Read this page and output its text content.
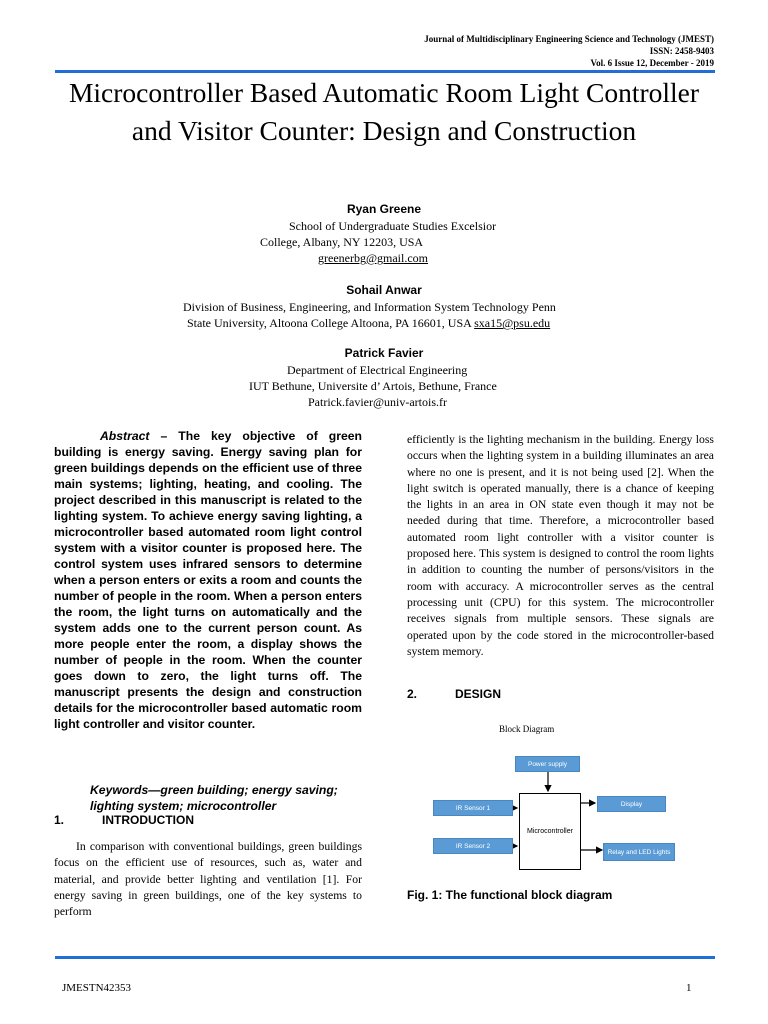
Journal of Multidisciplinary Engineering Science and Technology (JMEST)
ISSN: 2458-9403
Vol. 6 Issue 12, December - 2019
Microcontroller Based Automatic Room Light Controller and Visitor Counter: Design and Construction
Ryan Greene
School of Undergraduate Studies Excelsior
College, Albany, NY 12203, USA
greenerbg@gmail.com
Sohail Anwar
Division of Business, Engineering, and Information System Technology Penn
State University, Altoona College Altoona, PA 16601, USA sxa15@psu.edu
Patrick Favier
Department of Electrical Engineering
IUT Bethune, Universite d’ Artois, Bethune, France
Patrick.favier@univ-artois.fr
Abstract – The key objective of green building is energy saving. Energy saving plan for green buildings depends on the efficient use of three main systems; lighting, heating, and cooling. The project described in this manuscript is related to the lighting system. To achieve energy saving lighting, a microcontroller based automated room light control system with a visitor counter is proposed here. The control system uses infrared sensors to determine when a person enters or exits a room and counts the number of people in the room. When a person enters the room, the light turns on automatically and the system adds one to the current person count. As more people enter the room, a display shows the number of people in the room. When the counter goes down to zero, the light turns off. The manuscript presents the design and construction details for the microcontroller based automatic room light controller and visitor counter.
Keywords—green building; energy saving; lighting system; microcontroller
1.	INTRODUCTION
In comparison with conventional buildings, green buildings focus on the efficient use of resources, such as, water and material, and provide better lighting and ventilation [1]. For energy saving in green buildings, one of the key systems to perform
efficiently is the lighting mechanism in the building. Energy loss occurs when the lighting system in a building illuminates an area where no one is present, and it is not being used [2]. When the light switch is operated manually, there is a chance of keeping the lights in an area in ON state even though it may not be needed during that time. Therefore, a microcontroller based automated room light controller with a visitor counter is proposed here. This system is designed to control the room lights in addition to counting the number of persons/visitors in the room with accuracy. A microcontroller serves as the central processing unit (CPU) for this system. The microcontroller receives signals from multiple sensors. These signals are operated upon by the code stored in the microcontroller-based system memory.
2.	DESIGN
Block Diagram
Power supply
IR Sensor 1
IR Sensor 2
Microcontroller
Display
Relay and LED Lights
Fig. 1: The functional block diagram
JMESTN42353	1
